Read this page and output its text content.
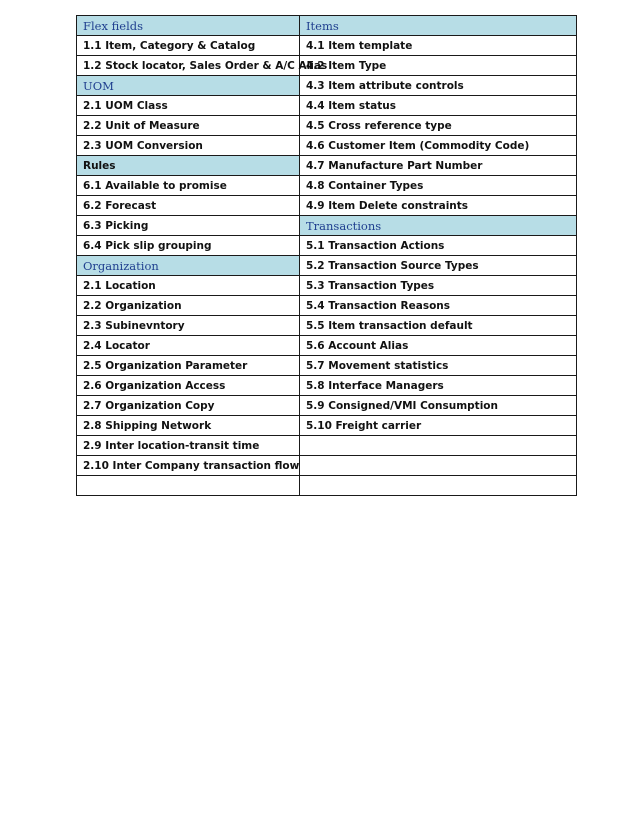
Flex fields	Items
1.1 Item, Category & Catalog	4.1 Item template
1.2 Stock locator, Sales Order & A/C Alias	4.2 Item Type
UOM	4.3 Item attribute controls
2.1 UOM Class	4.4 Item status
2.2 Unit of Measure	4.5 Cross reference type
2.3 UOM Conversion	4.6 Customer Item (Commodity Code)
Rules	4.7 Manufacture Part Number
6.1 Available to promise	4.8 Container Types
6.2 Forecast	4.9 Item Delete constraints
6.3 Picking	Transactions
6.4 Pick slip grouping	5.1 Transaction Actions
Organization	5.2 Transaction Source Types
2.1 Location	5.3 Transaction Types
2.2 Organization	5.4 Transaction Reasons
2.3 Subinevntory	5.5 Item transaction default
2.4 Locator	5.6 Account Alias
2.5 Organization Parameter	5.7 Movement statistics
2.6 Organization Access	5.8 Interface Managers
2.7 Organization Copy	5.9 Consigned/VMI Consumption
2.8 Shipping Network	5.10 Freight carrier
2.9 Inter location-transit time	
2.10 Inter Company transaction flow	
